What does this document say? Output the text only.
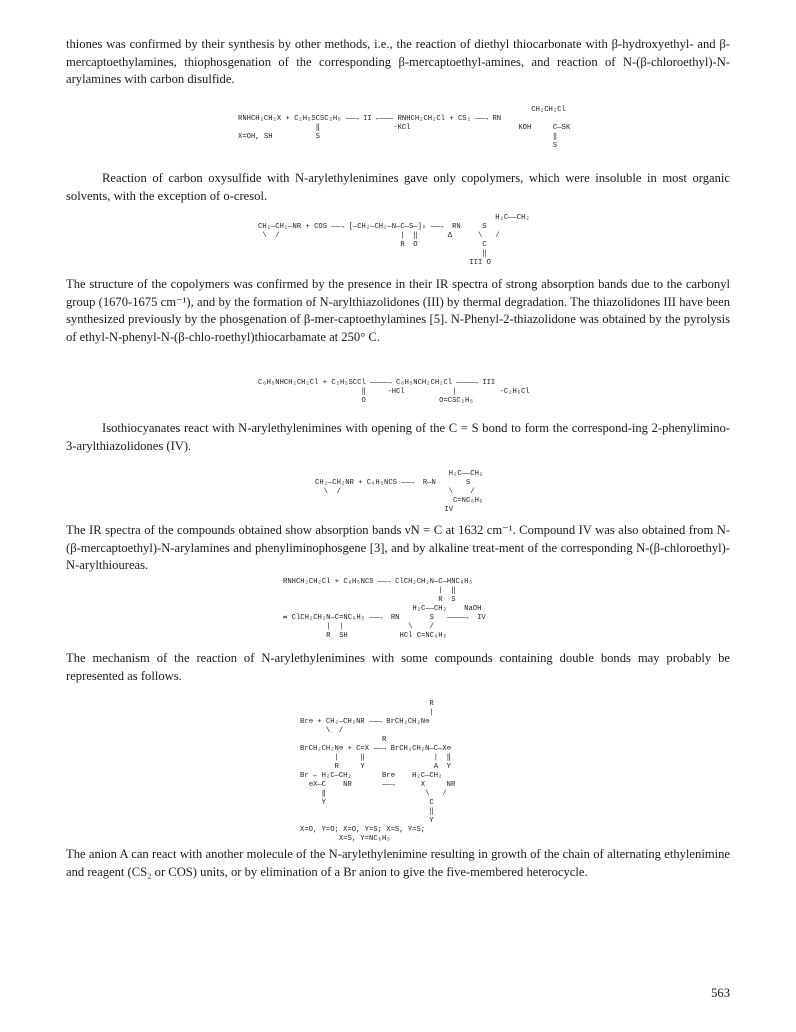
thiones was confirmed by their synthesis by other methods, i.e., the reaction of diethyl thiocarbonate with β-hydroxyethyl- and β-mercaptoethylamines, thiophosgenation of the corresponding β-mercaptoethyl-amines, and reaction of N-(β-chloroethyl)-N-arylamines with carbon disulfide.

CH₂CH₂Cl
RNHCH₂CH₂X + C₂H₅SCSC₂H₅ ——→ II ←——— RNHCH₂CH₂Cl + CS₂ ——→ RN
‖                 -KCl                         KOH     C—SK
X=OH, SH          S                                                      ‖
S

Reaction of carbon oxysulfide with N-arylethylenimines gave only copolymers, which were insoluble in most organic solvents, with the exception of o-cresol.

H₂C——CH₂
CH₂—CH₂—NR + COS ——→ [—CH₂—CH₂—N—C—S—]ₙ ——→  RN     S
\  /                            |  ‖       Δ      \   /
R  O               C
‖
III O

The structure of the copolymers was confirmed by the presence in their IR spectra of strong absorption bands due to the carbonyl group (1670-1675 cm⁻¹), and by the formation of N-arylthiazolidones (III) by thermal degradation. The thiazolidones III have been synthesized previously by the phosgenation of β-mer-captoethylamines [5]. N-Phenyl-2-thiazolidone was obtained by the pyrolysis of ethyl-N-phenyl-N-(β-chlo-roethyl)thiocarbamate at 250° C.

C₆H₅NHCH₂CH₂Cl + C₂H₅SCCl ————→ C₆H₅NCH₂CH₂Cl ————→ III
‖     -HCl           |          -C₂H₅Cl
O                 O=CSC₂H₅

Isothiocyanates react with N-arylethylenimines with opening of the C = S bond to form the correspond-ing 2-phenylimino-3-arylthiazolidones (IV).

H₂C——CH₂
CH₂—CH₂NR + C₆H₅NCS ——→  R—N       S
\  /                         \    /
C=NC₆H₅
IV

The IR spectra of the compounds obtained show absorption bands νN = C at 1632 cm⁻¹. Compound IV was also obtained from N-(β-mercaptoethyl)-N-arylamines and phenyliminophosgene [3], and by alkaline treat-ment of the corresponding N-(β-chloroethyl)-N-arylthioureas.

RNHCH₂CH₂Cl + C₆H₅NCS ——→ ClCH₂CH₂N—C—HNC₆H₅
|  ‖
R  S
H₂C——CH₂    NaOH
⇌ ClCH₂CH₂N—C=NC₆H₅ ——→  RN       S   ————→  IV
|  |               \    /
R  SH            HCl C=NC₆H₅

The mechanism of the reaction of N-arylethylenimines with some compounds containing double bonds may probably be represented as follows.

R
|
Br⊖ + CH₂—CH₂NR ——→ BrCH₂CH₂N⊖
\  /
R
BrCH₂CH₂N⊖ + C=X ——→ BrCH₂CH₂N—C—X⊖
|     ‖                |  ‖
R     Y                A  Y
Br ← H₂C—CH₂       Br⊖    H₂C—CH₂
⊖X—C    NR       ——→      X     NR
‖                       \   /
Y                        C
‖
Y
X=O, Y=O; X=O, Y=S; X=S, Y=S;
X=S, Y=NC₆H₅

The anion A can react with another molecule of the N-arylethylenimine resulting in growth of the chain of alternating ethylenimine and reagent (CS₂ or COS) units, or by elimination of a Br anion to give the five-membered heterocycle.

563
